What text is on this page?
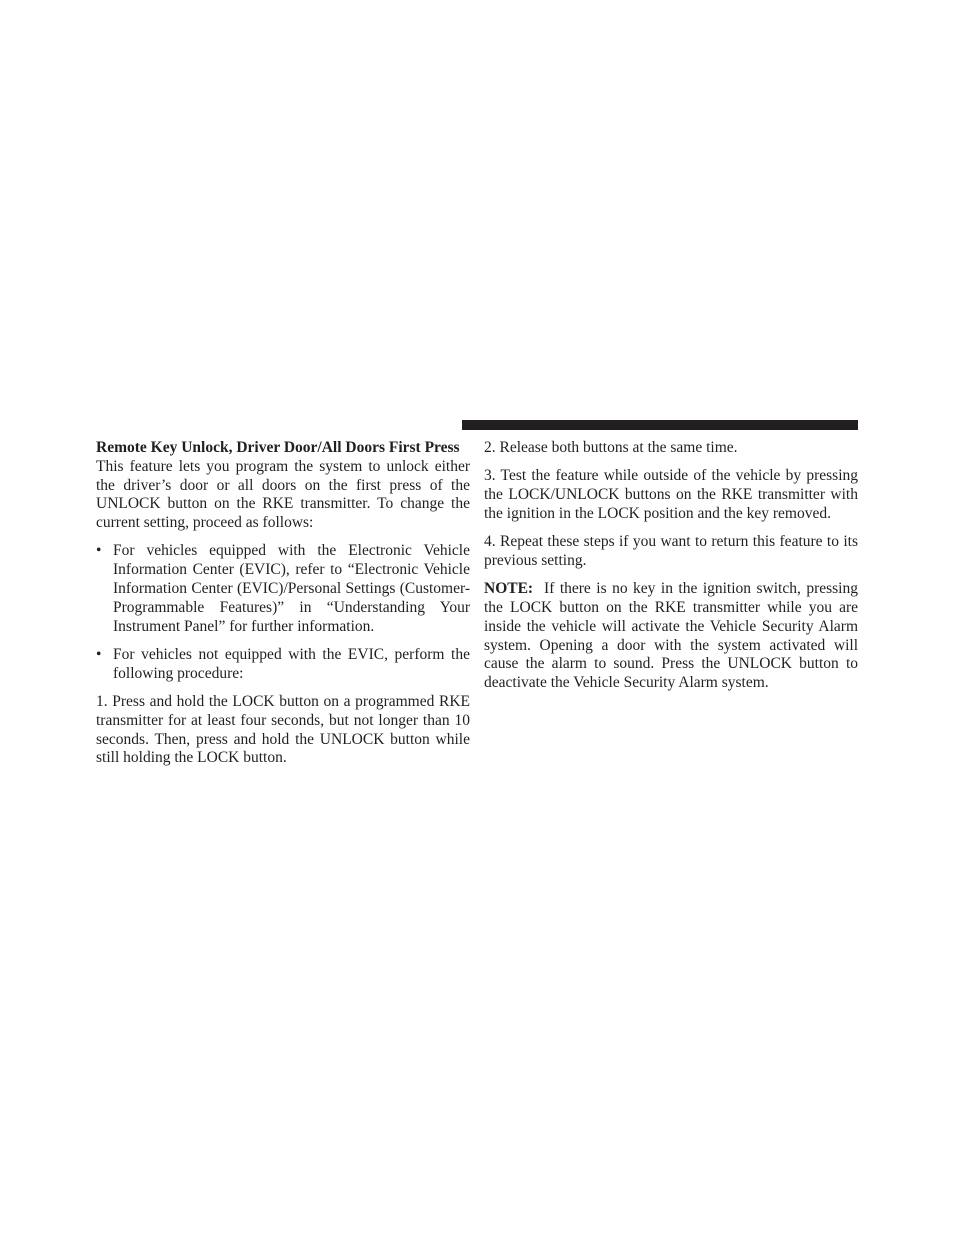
Remote Key Unlock, Driver Door/All Doors First Press

This feature lets you program the system to unlock either the driver’s door or all doors on the first press of the UNLOCK button on the RKE transmitter. To change the current setting, proceed as follows:

• For vehicles equipped with the Electronic Vehicle Information Center (EVIC), refer to “Electronic Vehicle Information Center (EVIC)/Personal Settings (Customer-Programmable Features)” in “Understanding Your Instrument Panel” for further information.
• For vehicles not equipped with the EVIC, perform the following procedure:

1. Press and hold the LOCK button on a programmed RKE transmitter for at least four seconds, but not longer than 10 seconds. Then, press and hold the UNLOCK button while still holding the LOCK button.

2. Release both buttons at the same time.

3. Test the feature while outside of the vehicle by pressing the LOCK/UNLOCK buttons on the RKE transmitter with the ignition in the LOCK position and the key removed.

4. Repeat these steps if you want to return this feature to its previous setting.

NOTE: If there is no key in the ignition switch, pressing the LOCK button on the RKE transmitter while you are inside the vehicle will activate the Vehicle Security Alarm system. Opening a door with the system activated will cause the alarm to sound. Press the UNLOCK button to deactivate the Vehicle Security Alarm system.
